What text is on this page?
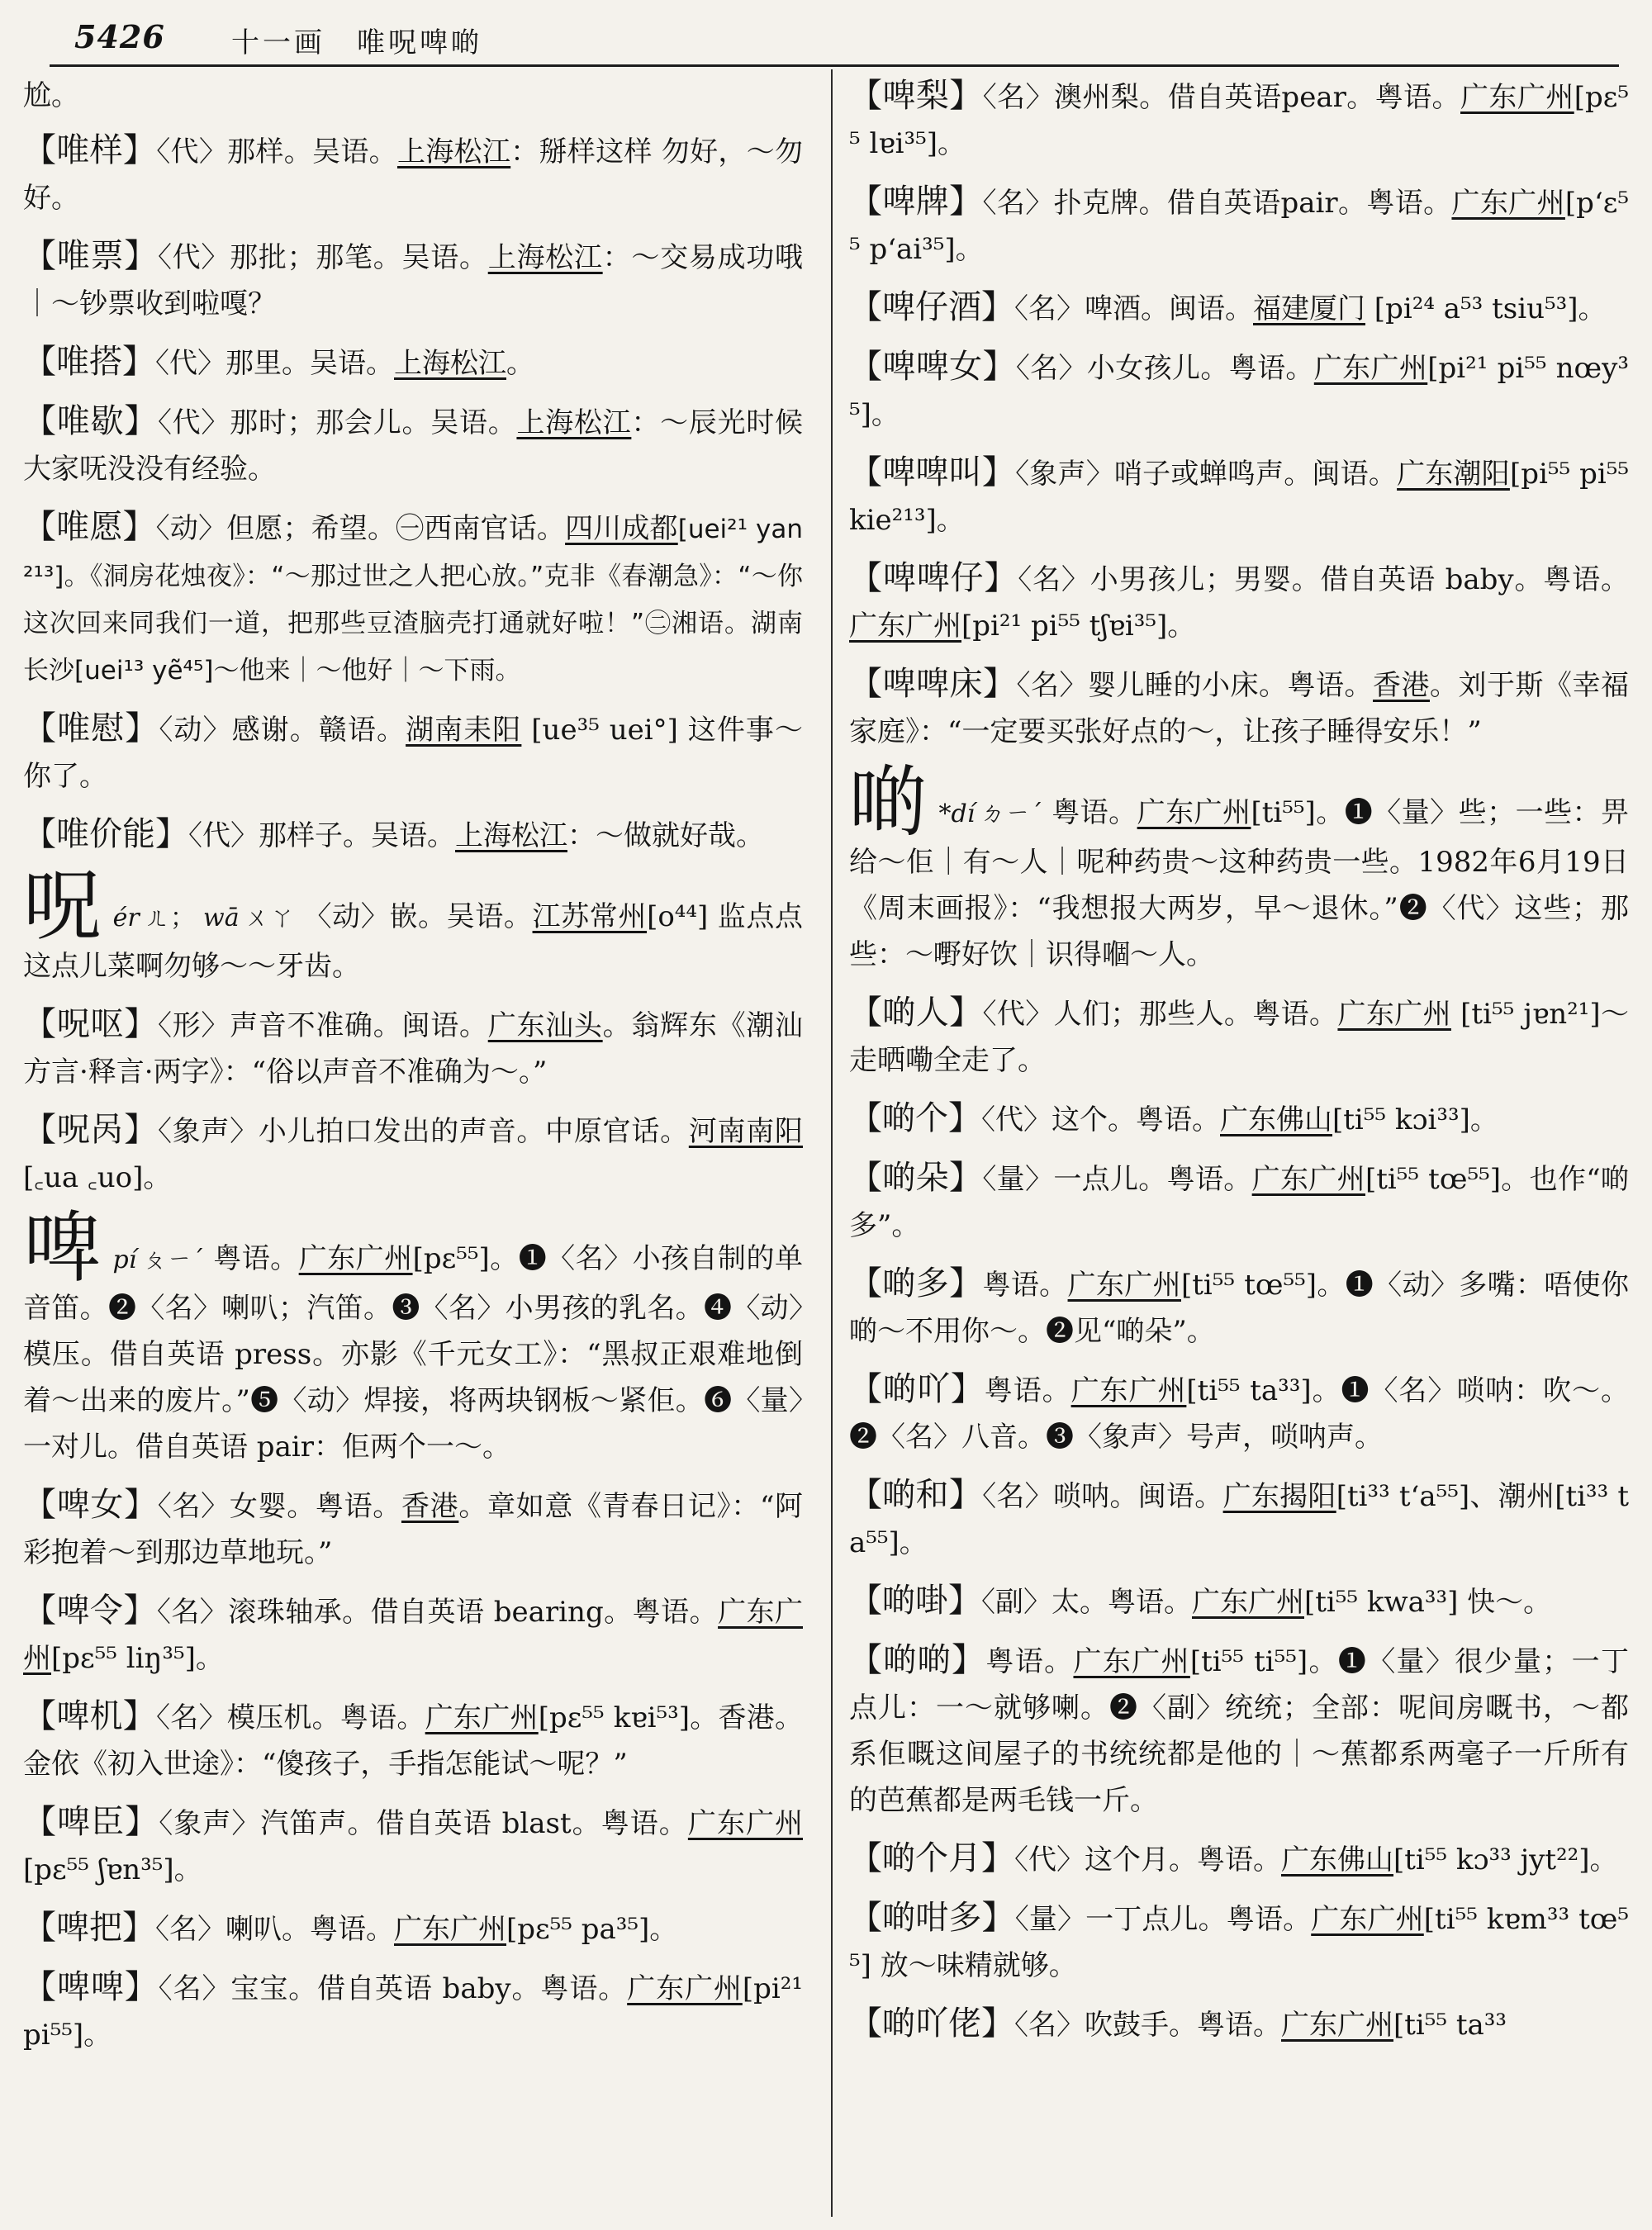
5426 十一画　唯呪啤啲
尬。
【唯样】〈代〉那样。吴语。上海松江：掰样这样 勿好，～勿好。
【唯票】〈代〉那批；那笔。吴语。上海松江：～交易成功哦｜～钞票收到啦嘎？
【唯搭】〈代〉那里。吴语。上海松江。
【唯歇】〈代〉那时；那会儿。吴语。上海松江：～辰光时候大家呒没没有经验。
【唯愿】〈动〉但愿；希望。㊀西南官话。四川成都[uei²¹ yan²¹³]。《洞房花烛夜》：“～那过世之人把心放。”克非《春潮急》：“～你这次回来同我们一道，把那些豆渣脑壳打通就好啦！”㊁湘语。湖南长沙[uei¹³ yẽ⁴⁵]～他来｜～他好｜～下雨。
【唯慰】〈动〉感谢。赣语。湖南耒阳 [ue³⁵ uei°] 这件事～你了。
【唯价能】〈代〉那样子。吴语。上海松江：～做就好哉。
呪ér ㄦ； wā ㄨㄚ 〈动〉嵌。吴语。江苏常州[o⁴⁴] 监点点这点儿菜啊勿够～～牙齿。
【呪呕】〈形〉声音不准确。闽语。广东汕头。翁辉东《潮汕方言·释言·两字》：“俗以声音不准确为～。”
【呪呙】〈象声〉小儿拍口发出的声音。中原官话。河南南阳[꜀ua ꜀uo]。
啤pí ㄆㄧˊ 粤语。广东广州[pɛ⁵⁵]。❶〈名〉小孩自制的单音笛。❷〈名〉喇叭；汽笛。❸〈名〉小男孩的乳名。❹〈动〉模压。借自英语 press。亦影《千元女工》：“黑叔正艰难地倒着～出来的废片。”❺〈动〉焊接，将两块钢板～紧佢。❻〈量〉一对儿。借自英语 pair：佢两个一～。
【啤女】〈名〉女婴。粤语。香港。章如意《青春日记》：“阿彩抱着～到那边草地玩。”
【啤令】〈名〉滚珠轴承。借自英语 bearing。粤语。广东广州[pɛ⁵⁵ liŋ³⁵]。
【啤机】〈名〉模压机。粤语。广东广州[pɛ⁵⁵ kɐi⁵³]。香港。金依《初入世途》：“傻孩子，手指怎能试～呢？”
【啤臣】〈象声〉汽笛声。借自英语 blast。粤语。广东广州[pɛ⁵⁵ ʃɐn³⁵]。
【啤把】〈名〉喇叭。粤语。广东广州[pɛ⁵⁵ pa³⁵]。
【啤啤】〈名〉宝宝。借自英语 baby。粤语。广东广州[pi²¹ pi⁵⁵]。
【啤梨】〈名〉澳州梨。借自英语pear。粤语。广东广州[pɛ⁵⁵ lɐi³⁵]。
【啤牌】〈名〉扑克牌。借自英语pair。粤语。广东广州[pʻɛ⁵⁵ pʻai³⁵]。
【啤仔酒】〈名〉啤酒。闽语。福建厦门 [pi²⁴ a⁵³ tsiu⁵³]。
【啤啤女】〈名〉小女孩儿。粤语。广东广州[pi²¹ pi⁵⁵ nœy³⁵]。
【啤啤叫】〈象声〉哨子或蝉鸣声。闽语。广东潮阳[pi⁵⁵ pi⁵⁵ kie²¹³]。
【啤啤仔】〈名〉小男孩儿；男婴。借自英语 baby。粤语。广东广州[pi²¹ pi⁵⁵ tʃɐi³⁵]。
【啤啤床】〈名〉婴儿睡的小床。粤语。香港。刘于斯《幸福家庭》：“一定要买张好点的～，让孩子睡得安乐！”
啲 *dí ㄉㄧˊ 粤语。广东广州[ti⁵⁵]。❶〈量〉些；一些：畀给～佢｜有～人｜呢种药贵～这种药贵一些。1982年6月19日《周末画报》：“我想报大两岁，早～退休。”❷〈代〉这些；那些：～嘢好饮｜识得嗰～人。
【啲人】〈代〉人们；那些人。粤语。广东广州 [ti⁵⁵ jɐn²¹]～走晒嘞全走了。
【啲个】〈代〉这个。粤语。广东佛山[ti⁵⁵ kɔi³³]。
【啲朵】〈量〉一点儿。粤语。广东广州[ti⁵⁵ tœ⁵⁵]。也作“啲多”。
【啲多】粤语。广东广州[ti⁵⁵ tœ⁵⁵]。❶〈动〉多嘴：唔使你啲～不用你～。❷见“啲朵”。
【啲吖】粤语。广东广州[ti⁵⁵ ta³³]。❶〈名〉唢呐：吹～。❷〈名〉八音。❸〈象声〉号声，唢呐声。
【啲和】〈名〉唢呐。闽语。广东揭阳[ti³³ tʻa⁵⁵]、潮州[ti³³ ta⁵⁵]。
【啲啩】〈副〉太。粤语。广东广州[ti⁵⁵ kwa³³] 快～。
【啲啲】粤语。广东广州[ti⁵⁵ ti⁵⁵]。❶〈量〉很少量；一丁点儿：一～就够喇。❷〈副〉统统；全部：呢间房嘅书，～都系佢嘅这间屋子的书统统都是他的｜～蕉都系两毫子一斤所有的芭蕉都是两毛钱一斤。
【啲个月】〈代〉这个月。粤语。广东佛山[ti⁵⁵ kɔ³³ jyt²²]。
【啲咁多】〈量〉一丁点儿。粤语。广东广州[ti⁵⁵ kɐm³³ tœ⁵⁵] 放～味精就够。
【啲吖佬】〈名〉吹鼓手。粤语。广东广州[ti⁵⁵ ta³³
